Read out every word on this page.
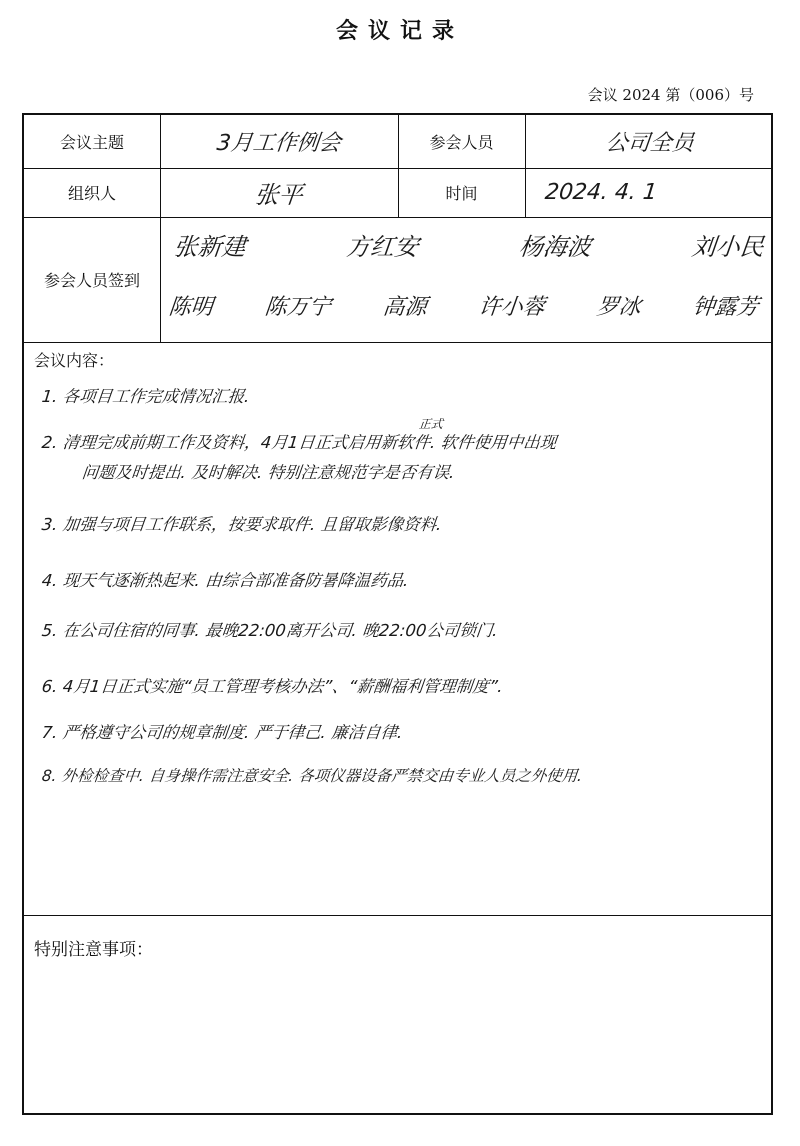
会议记录
会议 2024 第（006）号
会议主题	3月工作例会	参会人员	公司全员
组织人	张平	时间	2024. 4. 1
参会人员签到
张新建	方红安	杨海波	刘小民
陈明 陈万宁 高源 许小蓉 罗冰 钟露芳
会议内容：
1. 各项目工作完成情况汇报.
正式
2. 清理完成前期工作及资料，4月1日正式启用新软件. 软件使用中出现
问题及时提出. 及时解决. 特别注意规范字是否有误.
3. 加强与项目工作联系，按要求取件. 且留取影像资料.
4. 现天气逐渐热起来. 由综合部准备防暑降温药品.
5. 在公司住宿的同事. 最晚22:00离开公司. 晚22:00公司锁门.
6. 4月1日正式实施“员工管理考核办法”、“薪酬福利管理制度”.
7. 严格遵守公司的规章制度. 严于律己. 廉洁自律.
8. 外检检查中. 自身操作需注意安全. 各项仪器设备严禁交由专业人员之外使用.
特别注意事项：
